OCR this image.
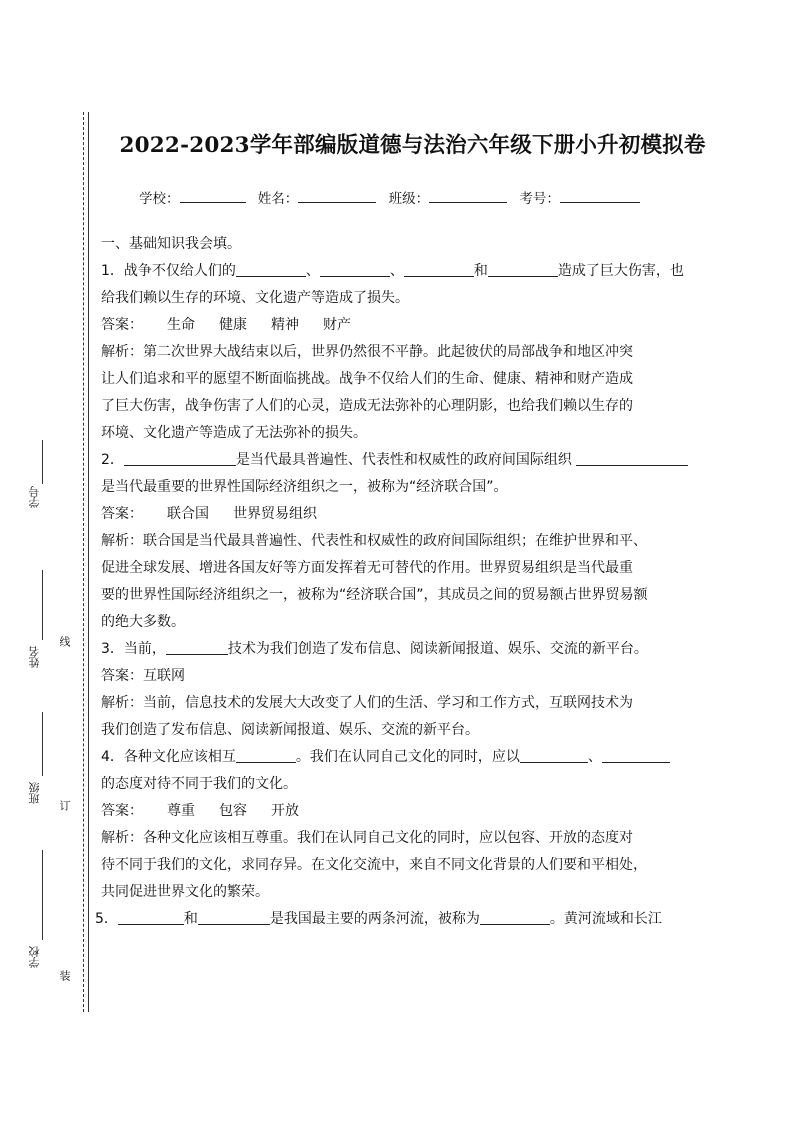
学号
姓名
班级
学校
线
订
装
2022-2023学年部编版道德与法治六年级下册小升初模拟卷
学校：	姓名：	班级：	考号：

一、基础知识我会填。

1．战争不仅给人们的	、	、	和	造成了巨大伤害，也

给我们赖以生存的环境、文化遗产等造成了损失。

答案： 生命 健康 精神 财产

解析：第二次世界大战结束以后，世界仍然很不平静。此起彼伏的局部战争和地区冲突

让人们追求和平的愿望不断面临挑战。战争不仅给人们的生命、健康、精神和财产造成

了巨大伤害，战争伤害了人们的心灵，造成无法弥补的心理阴影，也给我们赖以生存的

环境、文化遗产等造成了无法弥补的损失。

2．	是当代最具普遍性、代表性和权威性的政府间国际组织

是当代最重要的世界性国际经济组织之一，被称为“经济联合国”。

答案： 联合国 世界贸易组织

解析：联合国是当代最具普遍性、代表性和权威性的政府间国际组织；在维护世界和平、

促进全球发展、增进各国友好等方面发挥着无可替代的作用。世界贸易组织是当代最重

要的世界性国际经济组织之一，被称为“经济联合国”，其成员之间的贸易额占世界贸易额

的绝大多数。

3．当前，	技术为我们创造了发布信息、阅读新闻报道、娱乐、交流的新平台。

答案：互联网

解析：当前，信息技术的发展大大改变了人们的生活、学习和工作方式，互联网技术为

我们创造了发布信息、阅读新闻报道、娱乐、交流的新平台。

4．各种文化应该相互	。我们在认同自己文化的同时，应以	、

的态度对待不同于我们的文化。

答案： 尊重 包容 开放

解析：各种文化应该相互尊重。我们在认同自己文化的同时，应以包容、开放的态度对

待不同于我们的文化，求同存异。在文化交流中，来自不同文化背景的人们要和平相处，

共同促进世界文化的繁荣。

5．	和	是我国最主要的两条河流，被称为	。黄河流域和长江
